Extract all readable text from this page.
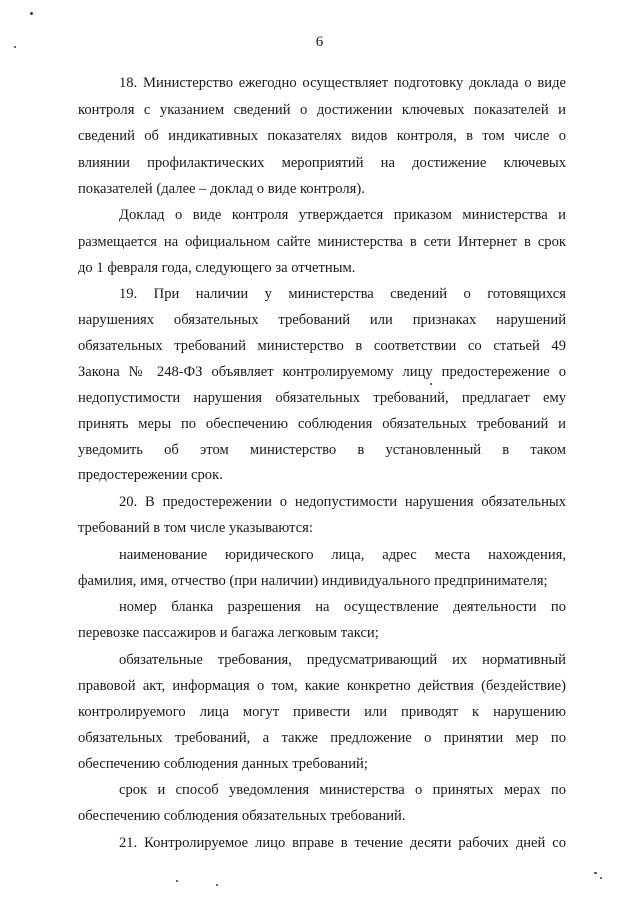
6
18. Министерство ежегодно осуществляет подготовку доклада о виде
контроля с указанием сведений о достижении ключевых показателей и
сведений об индикативных показателях видов контроля, в том числе о
влиянии профилактических мероприятий на достижение ключевых
показателей (далее – доклад о виде контроля).
Доклад о виде контроля утверждается приказом министерства и
размещается на официальном сайте министерства в сети Интернет в срок
до 1 февраля года, следующего за отчетным.
19. При наличии у министерства сведений о готовящихся
нарушениях обязательных требований или признаках нарушений
обязательных требований министерство в соответствии со статьей 49
Закона № 248-ФЗ объявляет контролируемому лицу предостережение о
недопустимости нарушения обязательных требований, предлагает ему
принять меры по обеспечению соблюдения обязательных требований и
уведомить об этом министерство в установленный в таком
предостережении срок.
20. В предостережении о недопустимости нарушения обязательных
требований в том числе указываются:
наименование юридического лица, адрес места нахождения,
фамилия, имя, отчество (при наличии) индивидуального предпринимателя;
номер бланка разрешения на осуществление деятельности по
перевозке пассажиров и багажа легковым такси;
обязательные требования, предусматривающий их нормативный
правовой акт, информация о том, какие конкретно действия (бездействие)
контролируемого лица могут привести или приводят к нарушению
обязательных требований, а также предложение о принятии мер по
обеспечению соблюдения данных требований;
срок и способ уведомления министерства о принятых мерах по
обеспечению соблюдения обязательных требований.
21. Контролируемое лицо вправе в течение десяти рабочих дней со
